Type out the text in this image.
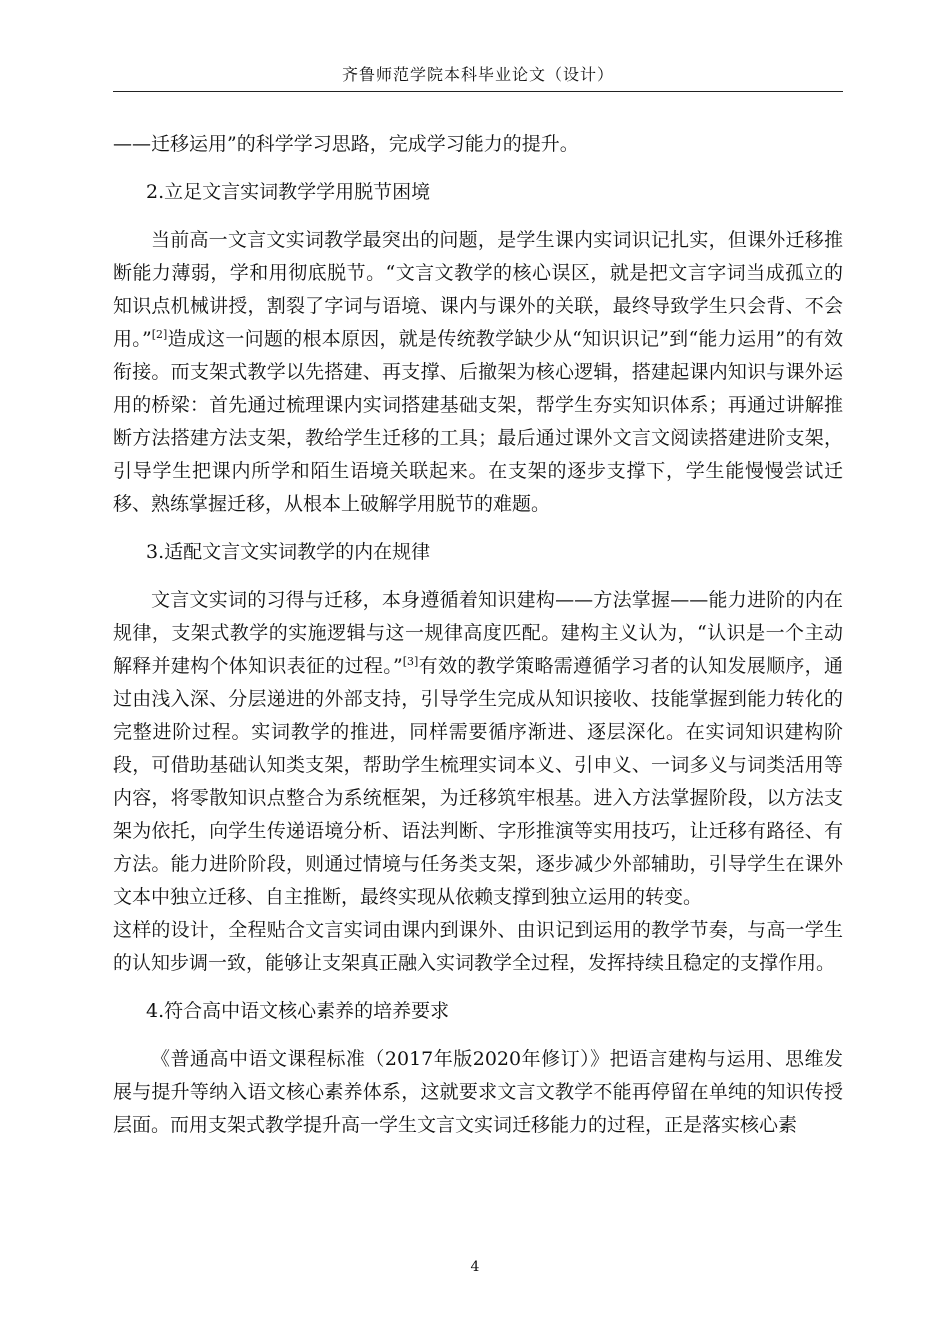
齐鲁师范学院本科毕业论文（设计）

——迁移运用”的科学学习思路，完成学习能力的提升。

2.立足文言实词教学学用脱节困境

当前高一文言文实词教学最突出的问题，是学生课内实词识记扎实，但课外迁移推断能力薄弱，学和用彻底脱节。“文言文教学的核心误区，就是把文言字词当成孤立的知识点机械讲授，割裂了字词与语境、课内与课外的关联，最终导致学生只会背、不会用。”[2]造成这一问题的根本原因，就是传统教学缺少从“知识识记”到“能力运用”的有效衔接。而支架式教学以先搭建、再支撑、后撤架为核心逻辑，搭建起课内知识与课外运用的桥梁：首先通过梳理课内实词搭建基础支架，帮学生夯实知识体系；再通过讲解推断方法搭建方法支架，教给学生迁移的工具；最后通过课外文言文阅读搭建进阶支架，引导学生把课内所学和陌生语境关联起来。在支架的逐步支撑下，学生能慢慢尝试迁移、熟练掌握迁移，从根本上破解学用脱节的难题。

3.适配文言文实词教学的内在规律

文言文实词的习得与迁移，本身遵循着知识建构——方法掌握——能力进阶的内在规律，支架式教学的实施逻辑与这一规律高度匹配。建构主义认为，“认识是一个主动解释并建构个体知识表征的过程。”[3]有效的教学策略需遵循学习者的认知发展顺序，通过由浅入深、分层递进的外部支持，引导学生完成从知识接收、技能掌握到能力转化的完整进阶过程。实词教学的推进，同样需要循序渐进、逐层深化。在实词知识建构阶段，可借助基础认知类支架，帮助学生梳理实词本义、引申义、一词多义与词类活用等内容，将零散知识点整合为系统框架，为迁移筑牢根基。进入方法掌握阶段，以方法支架为依托，向学生传递语境分析、语法判断、字形推演等实用技巧，让迁移有路径、有方法。能力进阶阶段，则通过情境与任务类支架，逐步减少外部辅助，引导学生在课外文本中独立迁移、自主推断，最终实现从依赖支撑到独立运用的转变。

这样的设计，全程贴合文言实词由课内到课外、由识记到运用的教学节奏，与高一学生的认知步调一致，能够让支架真正融入实词教学全过程，发挥持续且稳定的支撑作用。

4.符合高中语文核心素养的培养要求

《普通高中语文课程标准（2017年版2020年修订）》把语言建构与运用、思维发展与提升等纳入语文核心素养体系，这就要求文言文教学不能再停留在单纯的知识传授层面。而用支架式教学提升高一学生文言文实词迁移能力的过程，正是落实核心素

4
